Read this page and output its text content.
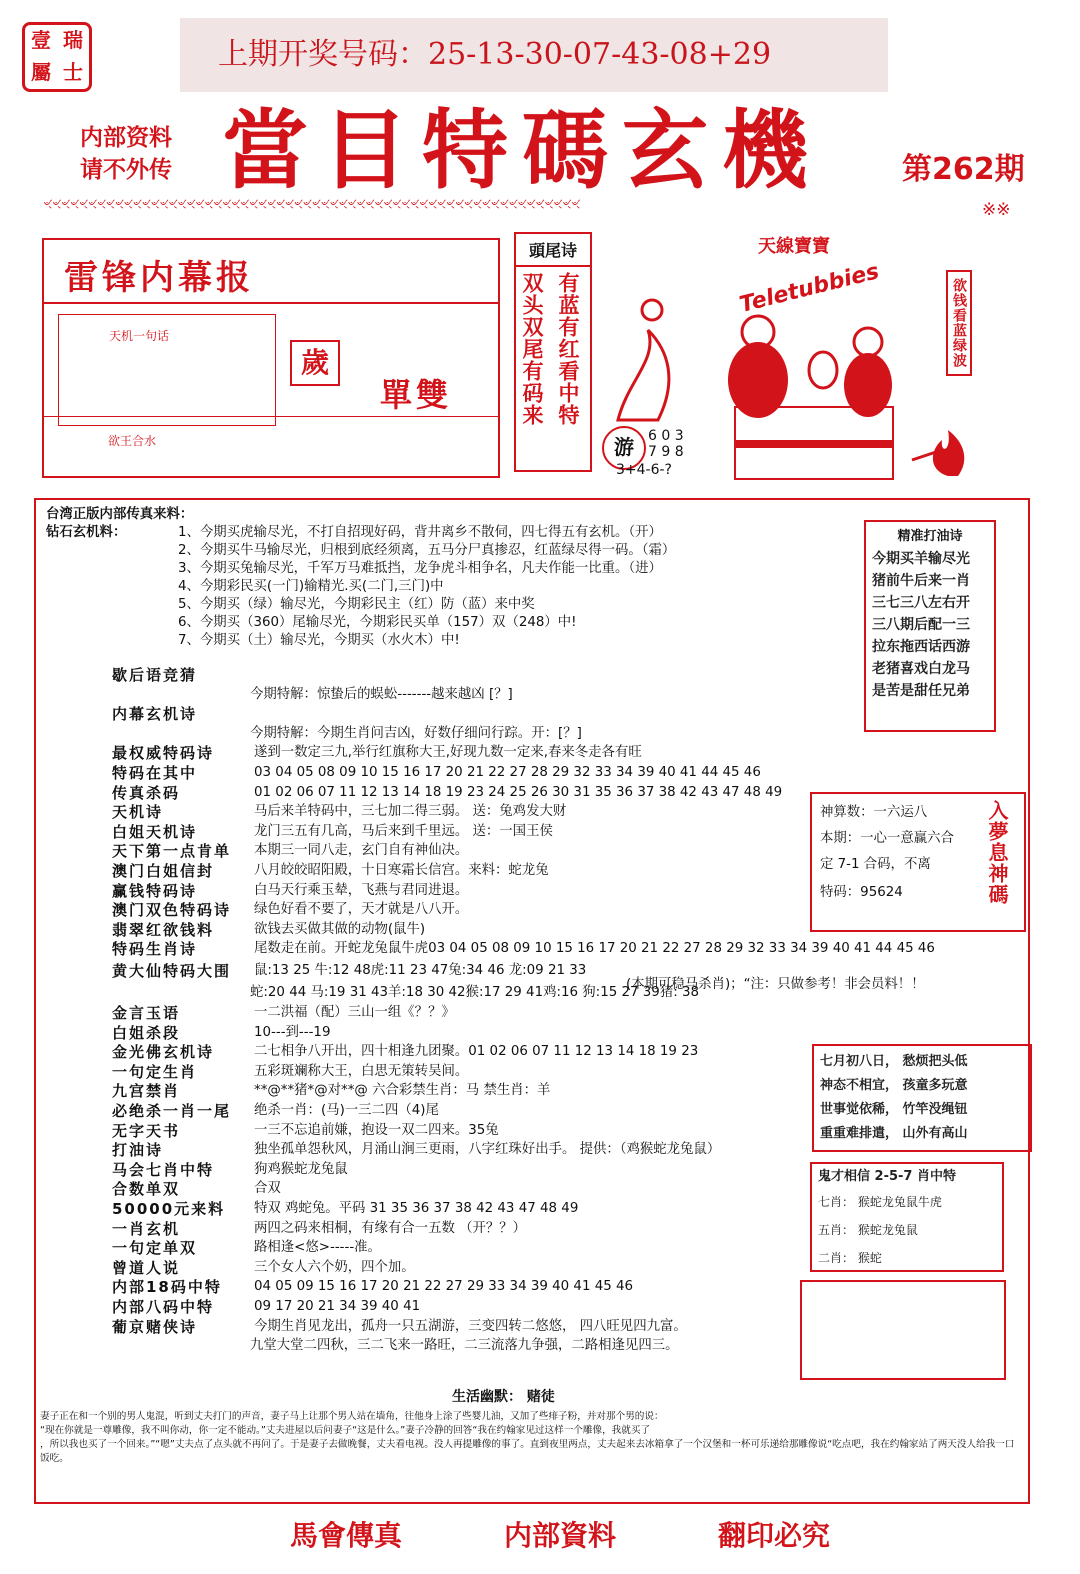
壹 瑞
屬 士	上期开奖号码：25-13-30-07-43-08+29
内部资料
请不外传 當目特碼玄機	第262期
ৼৼৼৼৼৼৼৼৼৼৼৼৼৼৼৼৼৼৼৼৼৼৼৼৼৼৼৼৼৼৼৼৼৼৼৼৼৼৼৼৼৼৼৼৼৼৼৼৼৼৼৼৼৼৼৼৼৼৼৼ	※※
雷锋内幕报
天机一句话
歲
單雙
欲王合水
頭尾诗
双头双尾有码来 有蓝有红看中特
天線寶寶
Teletubbies
游	6 0 3
7 9 8
3+4-6-?
欲钱看蓝绿波
台湾正版内部传真来料：
钻石玄机料：	1、今期买虎输尽光，不打自招现好码，背井离乡不散伺，四七得五有玄机。（开）
2、今期买牛马输尽光，归根到底经须离，五马分尸真掺忍，红蓝绿尽得一码。（霜）
3、今期买兔输尽光，千军万马难抵挡，龙争虎斗相争名，凡夫作能一比重。（进）
4、今期彩民买(一门)输精光.买(二门,三门)中
5、今期买（绿）输尽光，今期彩民主（红）防（蓝）来中奖
6、今期买（360）尾输尽光，今期彩民买单（157）双（248）中!
7、今期买（土）输尽光，今期买（水火木）中!
歇后语竞猜
今期特解：惊蛰后的蜈蚣-------越来越凶 [？]
内幕玄机诗
今期特解：今期生肖问吉凶，好数仔细问行踪。开：[？]
最权威特码诗	遂到一数定三九,举行红旗称大王,好现九数一定来,春来冬走各有旺
特码在其中	03 04 05 08 09 10 15 16 17 20 21 22 27 28 29 32 33 34 39 40 41 44 45 46
传真杀码	01 02 06 07 11 12 13 14 18 19 23 24 25 26 30 31 35 36 37 38 42 43 47 48 49
天机诗	马后来羊特码中，三七加二得三弱。 送：兔鸡发大财
白姐天机诗	龙门三五有几高，马后来到千里远。 送：一国王侯
天下第一点肯单 本期三一同八走，玄门自有神仙决。
澳门白姐信封	八月皎皎昭阳殿，十日寒霜长信宫。来料：蛇龙兔
赢钱特码诗	白马天行乘玉辇，飞燕与君同进退。
澳门双色特码诗 绿色好看不要了，天才就是八八开。
翡翠红欲钱料	欲钱去买做其做的动物(鼠牛)
特码生肖诗	尾数走在前。开蛇龙兔鼠牛虎03 04 05 08 09 10 15 16 17 20 21 22 27 28 29 32 33 34 39 40 41 44 45 46
黄大仙特码大围 鼠:13 25 牛:12 48虎:11 23 47兔:34 46 龙:09 21 33
蛇:20 44 马:19 31 43羊:18 30 42猴:17 29 41鸡:16 狗:15 27 39猪: 38
金言玉语	一二洪福（配）三山一组《？？》
白姐杀段	10---到---19
金光佛玄机诗	二七相争八开出，四十相逢九团聚。01 02 06 07 11 12 13 14 18 19 23
一句定生肖	五彩斑斓称大王，白思无策转吴间。
九宫禁肖	**@**猪*@对**@ 六合彩禁生肖：马 禁生肖：羊
必绝杀一肖一尾 绝杀一肖：(马)一三二四（4)尾
无字天书	一三不忘追前嫌，抱设一双二四来。35兔
打油诗	独坐孤单怨秋风，月涌山涧三更雨，八字红珠好出手。 提供：（鸡猴蛇龙兔鼠）
马会七肖中特	狗鸡猴蛇龙兔鼠
合数单双	合双
50000元来料 特双 鸡蛇兔。平码 31 35 36 37 38 42 43 47 48 49
一肖玄机	两四之码来相桐，有缘有合一五数 （开？？）
一句定单双	路相逢<悠>-----准。
曾道人说	三个女人六个奶，四个加。
内部18码中特 04 05 09 15 16 17 20 21 22 27 29 33 34 39 40 41 45 46
内部八码中特	09 17 20 21 34 39 40 41
葡京赌侠诗	今期生肖见龙出，孤舟一只五湖游，三变四转二悠悠， 四八旺见四九富。
九堂大堂二四秋，三二飞来一路旺，二三流落九争强，二路相逢见四三。
(本期可稳马杀肖)；“注：只做参考！非会员料！！
生活幽默： 赌徒
妻子正在和一个别的男人鬼混，听到丈夫打门的声音，妻子马上让那个男人站在墙角，往他身上涂了些婴儿油，又加了些痱子粉，并对那个男的说：
“现在你就是一尊雕像，我不叫你动，你一定不能动。”丈夫进屋以后问妻子“这是什么。”妻子冷静的回答“我在约翰家见过这样一个雕像，我就买了
，所以我也买了一个回来。”“嗯”丈夫点了点头就不再问了。于是妻子去做晚餐，丈夫看电视。没人再提雕像的事了。直到夜里两点，丈夫起来去冰箱拿了一个汉堡和一杯可乐递给那雕像说“吃点吧，我在约翰家站了两天没人给我一口饭吃。
精准打油诗
今期买羊输尽光
猪前牛后来一肖
三七三八左右开
三八期后配一三
拉东拖西话西游
老猪喜戏白龙马
是苦是甜任兄弟
神算数：一六运八
本期：一心一意赢六合
定 7-1 合码，不离
特码：95624	入夢息神碼
七月初八日， 愁烦把头低
神态不相宜， 孩童多玩意
世事觉依稀， 竹竿没绳钮
重重难排遣， 山外有高山
鬼才相信 2-5-7 肖中特
七肖： 猴蛇龙兔鼠牛虎
五肖： 猴蛇龙兔鼠
二肖： 猴蛇
馬會傳真	内部資料	翻印必究
